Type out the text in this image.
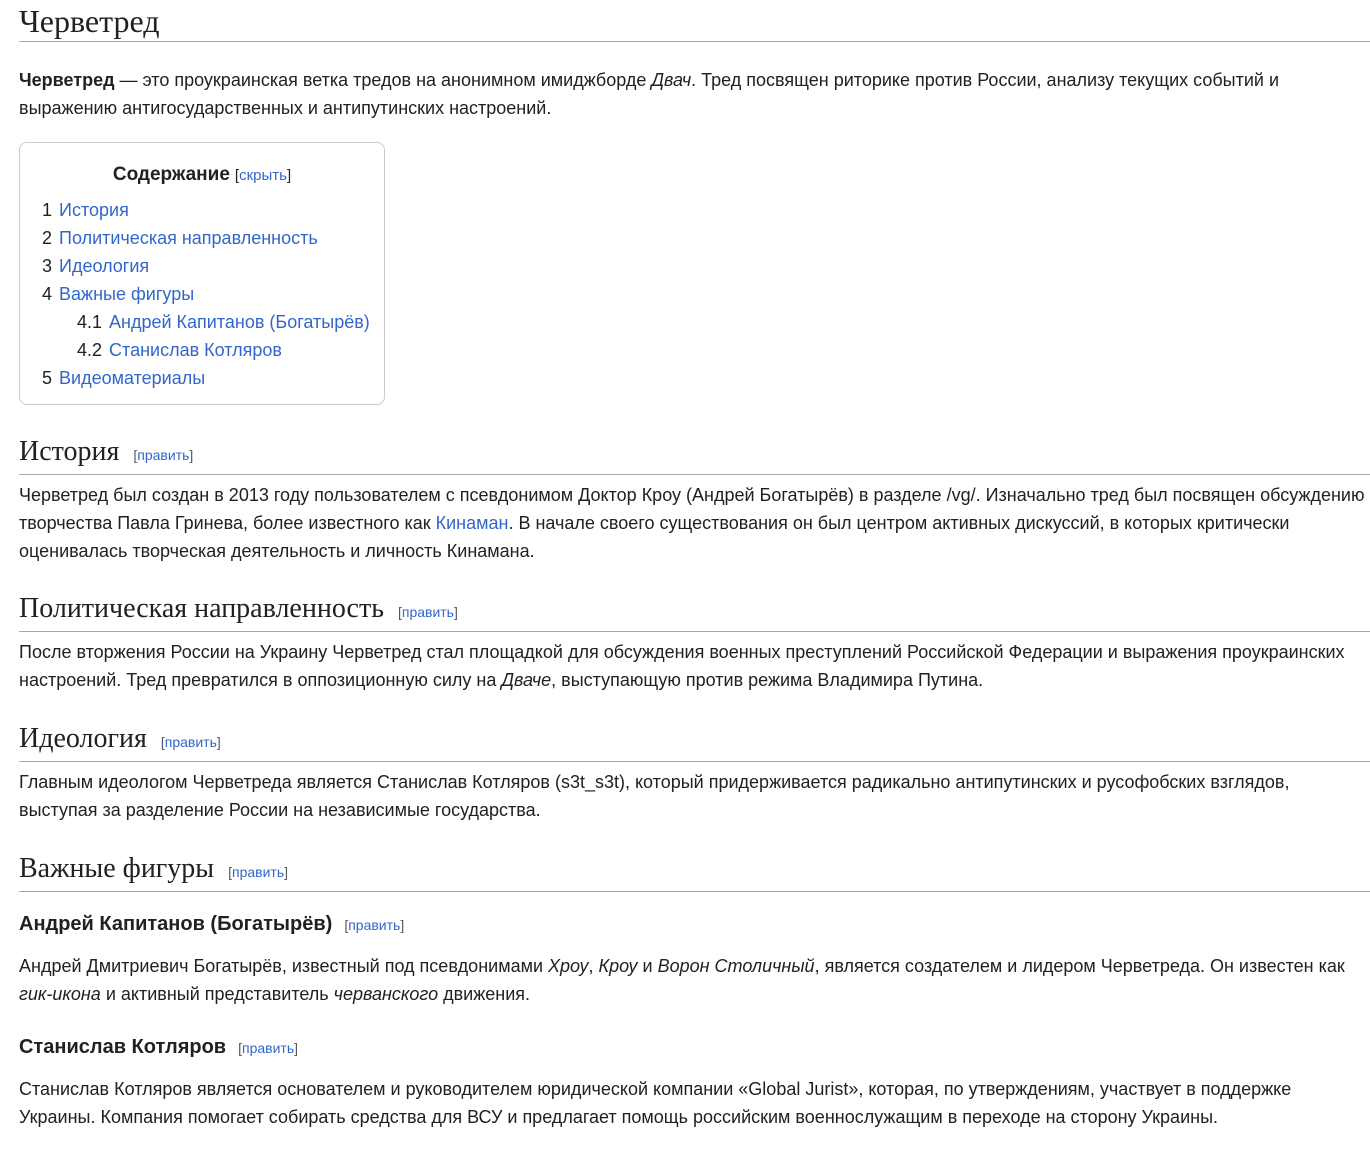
Черветред

Черветред — это проукраинская ветка тредов на анонимном имиджборде Двач. Тред посвящен риторике против России, анализу текущих событий и выражению антигосударственных и антипутинских настроений.

Содержание [скрыть]
1 История
2 Политическая направленность
3 Идеология
4 Важные фигуры
4.1 Андрей Капитанов (Богатырёв)
4.2 Станислав Котляров
5 Видеоматериалы
История [править]

Черветред был создан в 2013 году пользователем с псевдонимом Доктор Кроу (Андрей Богатырёв) в разделе /vg/. Изначально тред был посвящен обсуждению творчества Павла Гринева, более известного как Кинаман. В начале своего существования он был центром активных дискуссий, в которых критически оценивалась творческая деятельность и личность Кинамана.

Политическая направленность [править]

После вторжения России на Украину Черветред стал площадкой для обсуждения военных преступлений Российской Федерации и выражения проукраинских настроений. Тред превратился в оппозиционную силу на Дваче, выступающую против режима Владимира Путина.

Идеология [править]

Главным идеологом Черветреда является Станислав Котляров (s3t_s3t), который придерживается радикально антипутинских и русофобских взглядов, выступая за разделение России на независимые государства.

Важные фигуры [править]
Андрей Капитанов (Богатырёв) [править]

Андрей Дмитриевич Богатырёв, известный под псевдонимами Хроу, Кроу и Ворон Столичный, является создателем и лидером Черветреда. Он известен как гик-икона и активный представитель черванского движения.

Станислав Котляров [править]

Станислав Котляров является основателем и руководителем юридической компании «Global Jurist», которая, по утверждениям, участвует в поддержке Украины. Компания помогает собирать средства для ВСУ и предлагает помощь российским военнослужащим в переходе на сторону Украины.
